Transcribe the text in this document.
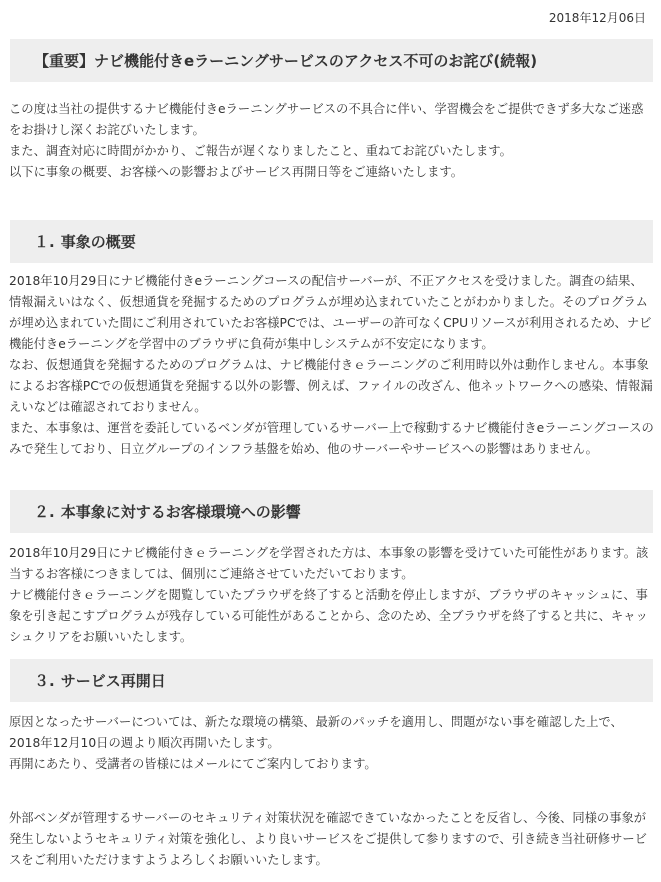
2018年12月06日
【重要】ナビ機能付きeラーニングサービスのアクセス不可のお詫び(続報)

この度は当社の提供するナビ機能付きeラーニングサービスの不具合に伴い、学習機会をご提供できず多大なご迷惑をお掛けし深くお詫びいたします。

また、調査対応に時間がかかり、ご報告が遅くなりましたこと、重ねてお詫びいたします。

以下に事象の概要、お客様への影響およびサービス再開日等をご連絡いたします。

１. 事象の概要

2018年10月29日にナビ機能付きeラーニングコースの配信サーバーが、不正アクセスを受けました。調査の結果、情報漏えいはなく、仮想通貨を発掘するためのプログラムが埋め込まれていたことがわかりました。そのプログラムが埋め込まれていた間にご利用されていたお客様PCでは、ユーザーの許可なくCPUリソースが利用されるため、ナビ機能付きeラーニングを学習中のブラウザに負荷が集中しシステムが不安定になります。

なお、仮想通貨を発掘するためのプログラムは、ナビ機能付きｅラーニングのご利用時以外は動作しません。本事象によるお客様PCでの仮想通貨を発掘する以外の影響、例えば、ファイルの改ざん、他ネットワークへの感染、情報漏えいなどは確認されておりません。

また、本事象は、運営を委託しているベンダが管理しているサーバー上で稼動するナビ機能付きeラーニングコースのみで発生しており、日立グループのインフラ基盤を始め、他のサーバーやサービスへの影響はありません。

２. 本事象に対するお客様環境への影響

2018年10月29日にナビ機能付きｅラーニングを学習された方は、本事象の影響を受けていた可能性があります。該当するお客様につきましては、個別にご連絡させていただいております。

ナビ機能付きｅラーニングを閲覧していたブラウザを終了すると活動を停止しますが、ブラウザのキャッシュに、事象を引き起こすプログラムが残存している可能性があることから、念のため、全ブラウザを終了すると共に、キャッシュクリアをお願いいたします。

３. サービス再開日

原因となったサーバーについては、新たな環境の構築、最新のパッチを適用し、問題がない事を確認した上で、2018年12月10日の週より順次再開いたします。

再開にあたり、受講者の皆様にはメールにてご案内しております。

外部ベンダが管理するサーバーのセキュリティ対策状況を確認できていなかったことを反省し、今後、同様の事象が発生しないようセキュリティ対策を強化し、より良いサービスをご提供して参りますので、引き続き当社研修サービスをご利用いただけますようよろしくお願いいたします。
